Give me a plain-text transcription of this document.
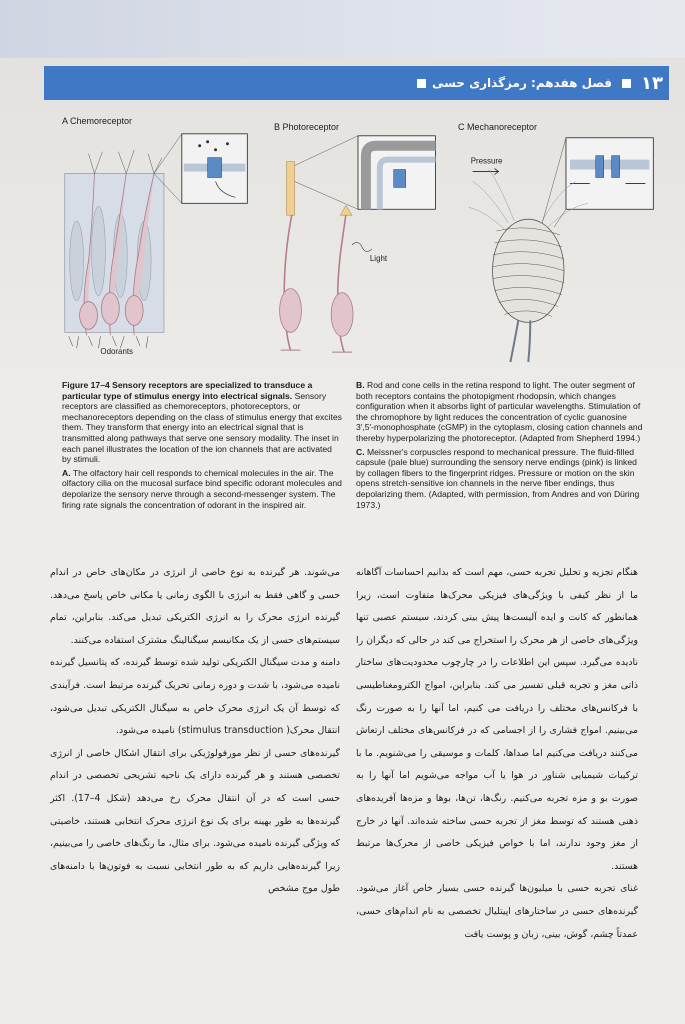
۱۳
فصل هفدهم: رمزگذاری حسی
A Chemoreceptor
Odorants
B Photoreceptor
Light
C Mechanoreceptor
Pressure

Figure 17–4 Sensory receptors are specialized to transduce a particular type of stimulus energy into electrical signals. Sensory receptors are classified as chemoreceptors, photoreceptors, or mechanoreceptors depending on the class of stimulus energy that excites them. They transform that energy into an electrical signal that is transmitted along pathways that serve one sensory modality. The inset in each panel illustrates the location of the ion channels that are activated by stimuli.

A. The olfactory hair cell responds to chemical molecules in the air. The olfactory cilia on the mucosal surface bind specific odorant molecules and depolarize the sensory nerve through a second-messenger system. The firing rate signals the concentration of odorant in the inspired air.

B. Rod and cone cells in the retina respond to light. The outer segment of both receptors contains the photopigment rhodopsin, which changes configuration when it absorbs light of particular wavelengths. Stimulation of the chromophore by light reduces the concentration of cyclic guanosine 3′,5′-monophosphate (cGMP) in the cytoplasm, closing cation channels and thereby hyperpolarizing the photoreceptor. (Adapted from Shepherd 1994.)

C. Meissner's corpuscles respond to mechanical pressure. The fluid-filled capsule (pale blue) surrounding the sensory nerve endings (pink) is linked by collagen fibers to the fingerprint ridges. Pressure or motion on the skin opens stretch-sensitive ion channels in the nerve fiber endings, thus depolarizing them. (Adapted, with permission, from Andres and von Düring 1973.)

هنگام تجزیه و تحلیل تجربه حسی، مهم است که بدانیم احساسات آگاهانه ما از نظر کیفی با ویژگی‌های فیزیکی محرک‌ها متفاوت است، زیرا همانطور که کانت و ایده آلیست‌ها پیش بینی کردند، سیستم عصبی تنها ویژگی‌های خاصی از هر محرک را استخراج می کند در حالی که دیگران را نادیده می‌گیرد. سپس این اطلاعات را در چارچوب محدودیت‌های ساختار ذاتی مغز و تجربه قبلی تفسیر می کند. بنابراین، امواج الکترومغناطیسی با فرکانس‌های مختلف را دریافت می کنیم، اما آنها را به صورت رنگ می‌بینیم. امواج فشاری را از اجسامی که در فرکانس‌های مختلف ارتعاش می‌کنند دریافت می‌کنیم اما صداها، کلمات و موسیقی را می‌شنویم. ما با ترکیبات شیمیایی شناور در هوا یا آب مواجه می‌شویم اما آنها را به صورت بو و مزه تجربه می‌کنیم. رنگ‌ها، تن‌ها، بوها و مزه‌ها آفریده‌های ذهنی هستند که توسط مغز از تجربه حسی ساخته شده‌اند. آنها در خارج از مغز وجود ندارند، اما با خواص فیزیکی خاصی از محرک‌ها مرتبط هستند.

غنای تجربه حسی با میلیون‌ها گیرنده حسی بسیار خاص آغاز می‌شود. گیرنده‌های حسی در ساختارهای اپیتلیال تخصصی به نام اندام‌های حسی، عمدتاً چشم، گوش، بینی، زبان و پوست یافت

می‌شوند. هر گیرنده به نوع خاصی از انرژی در مکان‌های خاص در اندام حسی و گاهی فقط به انرژی با الگوی زمانی یا مکانی خاص پاسخ می‌دهد. گیرنده انرژی محرک را به انرژی الکتریکی تبدیل می‌کند. بنابراین، تمام سیستم‌های حسی از یک مکانیسم سیگنالینگ مشترک استفاده می‌کنند.

دامنه و مدت سیگنال الکتریکی تولید شده توسط گیرنده، که پتانسیل گیرنده نامیده می‌شود، با شدت و دوره زمانی تحریک گیرنده مرتبط است. فرآیندی که توسط آن یک انرژی محرک خاص به سیگنال الکتریکی تبدیل می‌شود، انتقال محرک( stimulus transduction) نامیده می‌شود.

گیرنده‌های حسی از نظر مورفولوژیکی برای انتقال اشکال خاصی از انرژی تخصصی هستند و هر گیرنده دارای یک ناحیه تشریحی تخصصی در اندام حسی است که در آن انتقال محرک رخ می‌دهد (شکل 4–17). اکثر گیرنده‌ها به طور بهینه برای یک نوع انرژی محرک انتخابی هستند، خاصیتی که ویژگی گیرنده نامیده می‌شود. برای مثال، ما رنگ‌های خاصی را می‌بینیم، زیرا گیرنده‌هایی داریم که به طور انتخابی نسبت به فوتون‌ها با دامنه‌های طول موج مشخص
